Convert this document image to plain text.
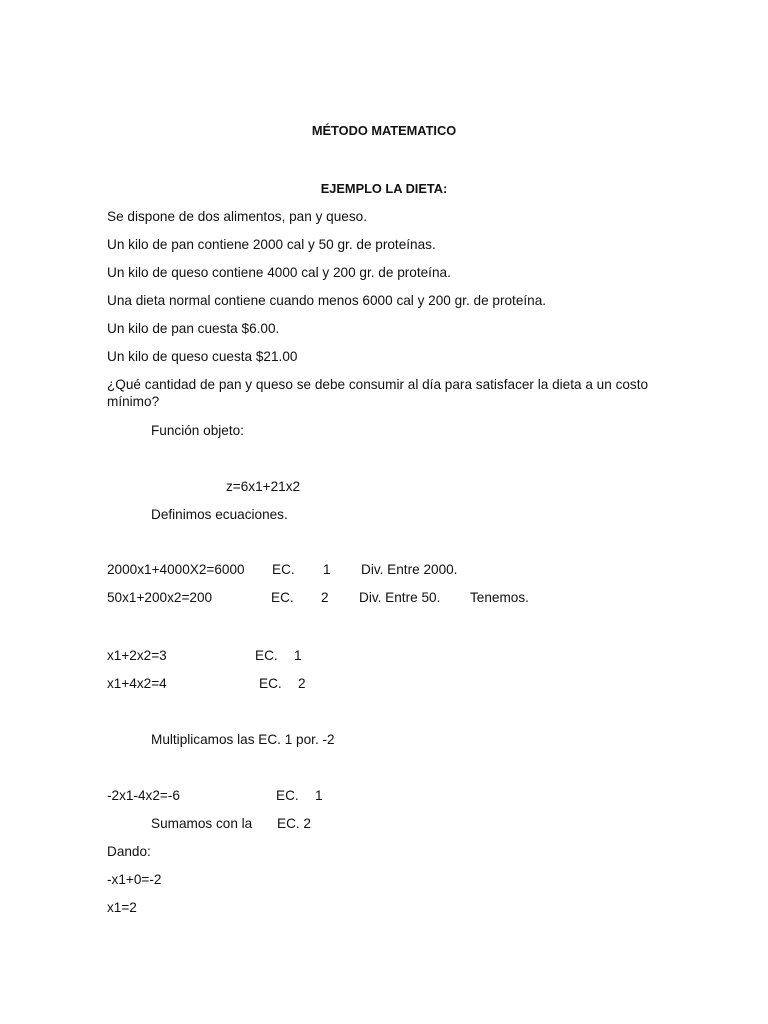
MÉTODO MATEMATICO
EJEMPLO LA DIETA:
Se dispone de dos alimentos, pan y queso.
Un kilo de pan contiene 2000 cal y 50 gr. de proteínas.
Un kilo de queso contiene 4000 cal y 200 gr. de proteína.
Una dieta normal contiene cuando menos 6000 cal y 200 gr. de proteína.
Un kilo de pan cuesta $6.00.
Un kilo de queso cuesta $21.00
¿Qué cantidad de pan y queso se debe consumir al día para satisfacer la dieta a un costo mínimo?
Función objeto:
z=6x1+21x2
Definimos ecuaciones.
2000x1+4000X2=6000 EC. 1 Div. Entre 2000.
50x1+200x2=200	EC. 2 Div. Entre 50. Tenemos.
x1+2x2=3	EC. 1
x1+4x2=4	EC. 2
Multiplicamos las EC. 1 por. -2
-2x1-4x2=-6	EC. 1
Sumamos con la EC. 2
Dando:
-x1+0=-2
x1=2
